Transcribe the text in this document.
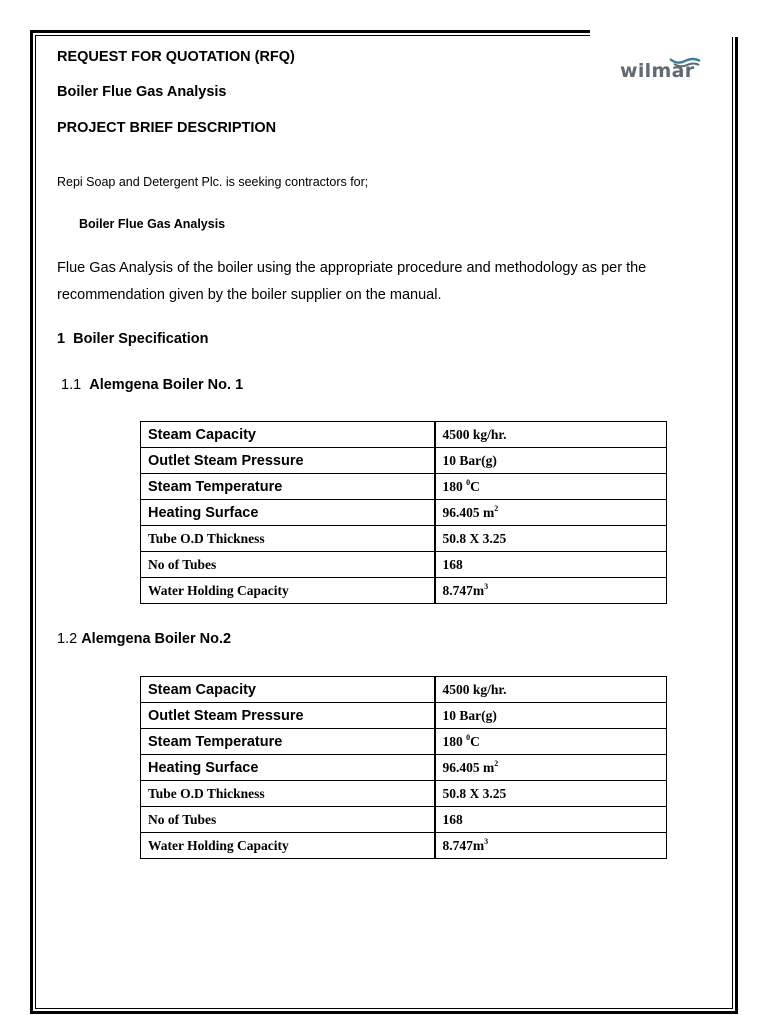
REQUEST FOR QUOTATION (RFQ)
Boiler Flue Gas Analysis
PROJECT BRIEF DESCRIPTION
wilmar
Repi Soap and Detergent Plc. is seeking contractors for;
Boiler Flue Gas Analysis
Flue Gas Analysis of the boiler using the appropriate procedure and methodology as per the recommendation given by the boiler supplier on the manual.
1 Boiler Specification
1.1 Alemgena Boiler No. 1
Steam Capacity	4500 kg/hr.
Outlet Steam Pressure	10 Bar(g)
Steam Temperature	180 $^0$C
Heating Surface	96.405 $m^2$
Tube O.D Thickness	50.8 X 3.25
No of Tubes	168
Water Holding Capacity	$8.747m^3$
1.2 Alemgena Boiler No.2
Steam Capacity	4500 kg/hr.
Outlet Steam Pressure	10 Bar(g)
Steam Temperature	180 $^0$C
Heating Surface	96.405 $m^2$
Tube O.D Thickness	50.8 X 3.25
No of Tubes	168
Water Holding Capacity	$8.747m^3$
